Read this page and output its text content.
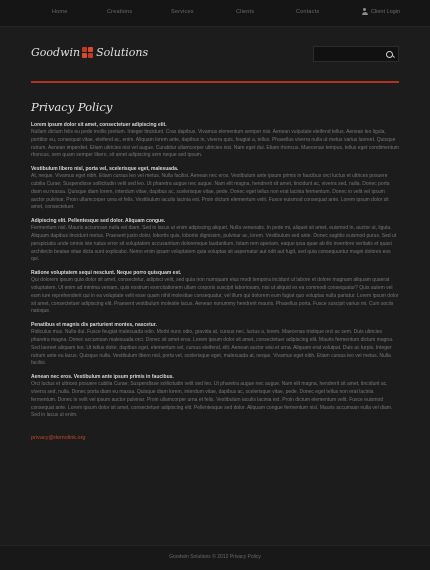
Home	Creations	Services	Clients	Contacts	Client Login
Goodwin Solutions
Privacy Policy
Lorem ipsum dolor sit amet, consectetuer adipiscing elit.

Nullam dictum felis eu pede mollis pretium. Integer tincidunt. Cras dapibus. Vivamus elementum semper nisi. Aenean vulputate eleifend tellus. Aenean leo ligula, porttitor eu, consequat vitae, eleifend ac, enim. Aliquam lorem ante, dapibus in, viverra quis, feugiat a, tellus. Phasellus viverra nulla ut metus varius laoreet. Quisque rutrum. Aenean imperdiet. Etiam ultricies nisi vel augue. Curabitur ullamcorper ultricies nisi. Nam eget dui. Etiam rhoncus. Maecenas tempus, tellus eget condimentum rhoncus, sem quam semper libero, sit amet adipiscing sem neque sed ipsum.

Vestibulum libero nisl, porta vel, scelerisque eget, malesuada.

At, neque. Vivamus eget nibh. Etiam cursus leo vel metus. Nulla facilisi. Aenean nec eros. Vestibulum ante ipsum primis in faucibus orci luctus et ultrices posuere cubilia Curae; Suspendisse sollicitudin velit sed leo. Ut pharetra augue nec augue. Nam elit magna, hendrerit sit amet, tincidunt ac, viverra sed, nulla. Donec porta diam eu massa. Quisque diam lorem, interdum vitae, dapibus ac, scelerisque vitae, pede. Donec eget tellus non erat lacinia fermentum. Donec in velit vel ipsum auctor pulvinar. Proin ullamcorper urna et felis. Vestibulum iaculis lacinia est. Proin dictum elementum velit. Fusce euismod consequat ante. Lorem ipsum dolor sit amet, consectetuer.

Adipiscing elit. Pellentesque sed dolor. Aliquam congue.

Fermentum nisl. Mauris accumsan nulla vel diam. Sed in lacus ut enim adipiscing aliquet. Nulla venenatis. In pede mi, aliquet sit amet, euismod in, auctor ut, ligula. Aliquam dapibus tincidunt metus. Praesent justo dolor, lobortis quis, lobortis dignissim, pulvinar ac, lorem. Vestibulum sed ante. Donec sagittis euismod purus. Sed ut perspiciatis unde omnis iste natus error sit voluptatem accusantium doloremque laudantium, totam rem aperiam, eaque ipsa quae ab illo inventore veritatis et quasi architecto beatae vitae dicta sunt explicabo. Nemo enim ipsam voluptatem quia voluptas sit aspernatur aut odit aut fugit, sed quia consequuntur magni dolores eos qui.

Ratione voluptatem sequi nesciunt. Neque porro quisquam est.

Qui dolorem ipsum quia dolor sit amet, consectetur, adipisci velit, sed quia non numquam eius modi tempora incidunt ut labore et dolore magnam aliquam quaerat voluptatem. Ut enim ad minima veniam, quis nostrum exercitationem ullam corporis suscipit laboriosam, nisi ut aliquid ex ea commodi consequatur? Quis autem vel eum iure reprehenderit qui in ea voluptate velit esse quam nihil molestiae consequatur, vel illum qui dolorem eum fugiat quo voluptas nulla pariatur. Lorem ipsum dolor sit amet, consectetuer adipiscing elit. Praesent vestibulum molestie lacus. Aenean nonummy hendrerit mauris. Phasellus porta. Fusce suscipit varius mi. Cum sociis natoque.

Penatibus et magnis dis parturient montes, nascetur.

Ridiculus mus. Nulla dui. Fusce feugiat malesuada odio. Morbi nunc odio, gravida at, cursus nec, luctus a, lorem. Maecenas tristique orci ac sem. Duis ultricies pharetra magna. Donec accumsan malesuada orci. Donec sit amet eros. Lorem ipsum dolor sit amet, consectetuer adipiscing elit. Mauris fermentum dictum magna. Sed laoreet aliquam leo. Ut tellus dolor, dapibus eget, elementum vel, cursus eleifend, elit. Aenean auctor wisi et urna. Aliquam erat volutpat. Duis ac turpis. Integer rutrum ante eu lacus. Quisque nulla. Vestibulum libero nisl, porta vel, scelerisque eget, malesuada at, neque. Vivamus eget nibh. Etiam cursus leo vel metus. Nulla facilisi.

Aenean nec eros. Vestibulum ante ipsum primis in faucibus.

Orci luctus et ultrices posuere cubilia Curae; Suspendisse sollicitudin velit sed leo. Ut pharetra augue nec augue. Nam elit magna, hendrerit sit amet, tincidunt ac, viverra sed, nulla. Donec porta diam eu massa. Quisque diam lorem, interdum vitae, dapibus ac, scelerisque vitae, pede. Donec eget tellus non erat lacinia fermentum. Donec in velit vel ipsum auctor pulvinar. Proin ullamcorper urna et felis. Vestibulum iaculis lacinia est. Proin dictum elementum velit. Fusce euismod consequat ante. Lorem ipsum dolor sit amet, consectetuer adipiscing elit. Pellentesque sed dolor. Aliquam congue fermentum nisl. Mauris accumsan nulla vel diam. Sed in lacus ut enim.

privacy@demolink.org
Goodwin Solutions © 2012 Privacy Policy
